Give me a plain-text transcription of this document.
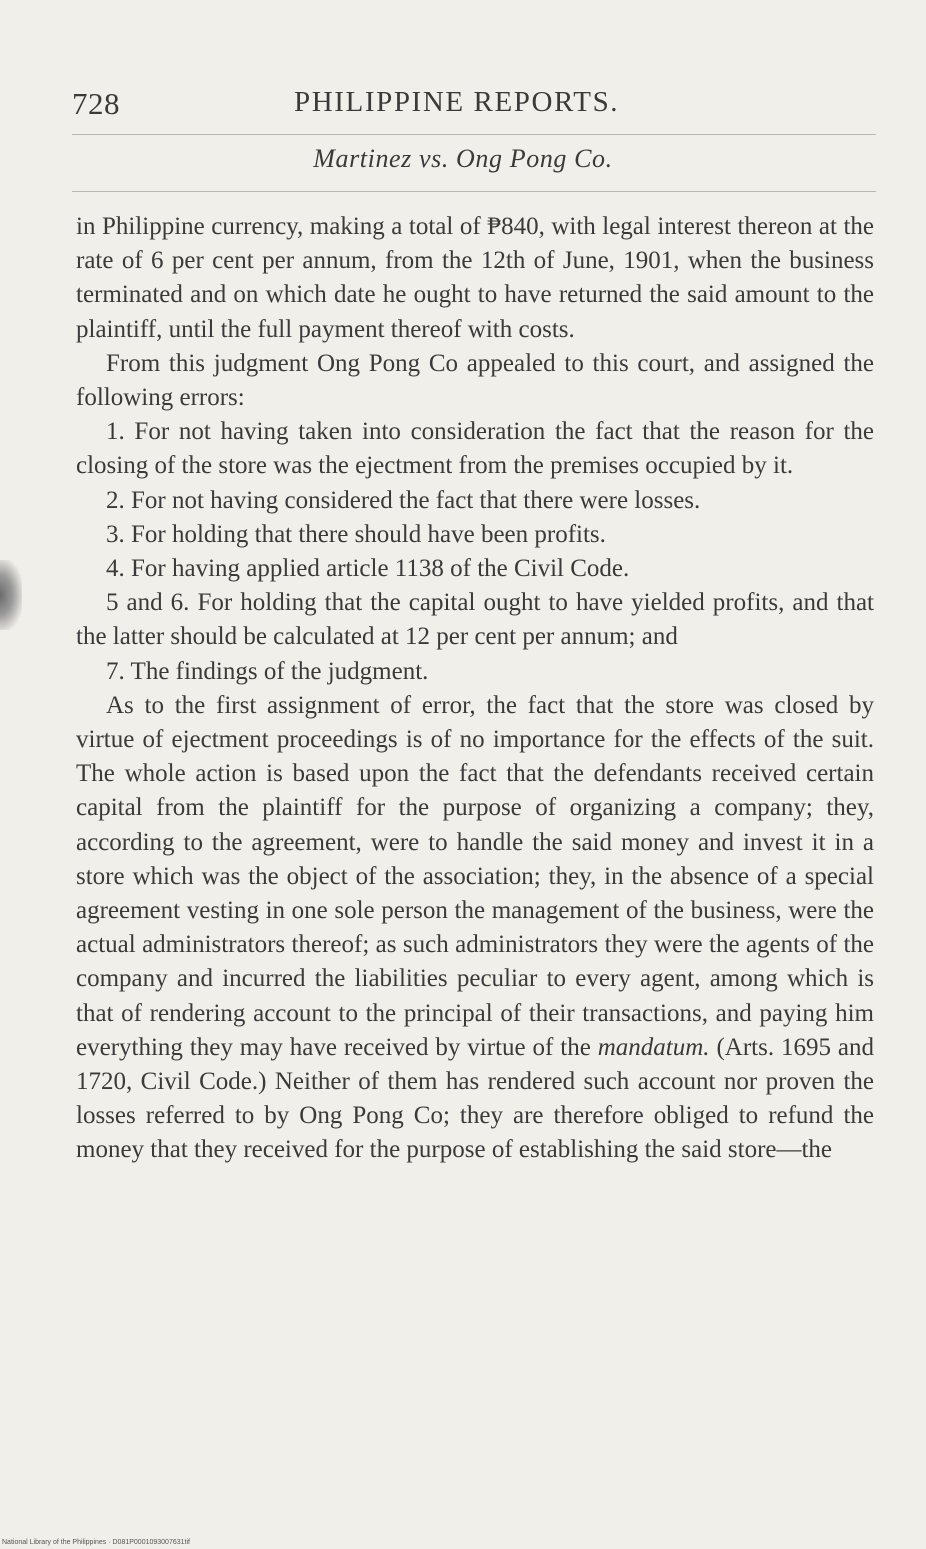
728	PHILIPPINE REPORTS.
Martinez vs. Ong Pong Co.

in Philippine currency, making a total of ₱840, with legal interest thereon at the rate of 6 per cent per annum, from the 12th of June, 1901, when the business terminated and on which date he ought to have returned the said amount to the plaintiff, until the full payment thereof with costs.

From this judgment Ong Pong Co appealed to this court, and assigned the following errors:

1. For not having taken into consideration the fact that the reason for the closing of the store was the ejectment from the premises occupied by it.

2. For not having considered the fact that there were losses.

3. For holding that there should have been profits.

4. For having applied article 1138 of the Civil Code.

5 and 6. For holding that the capital ought to have yielded profits, and that the latter should be calculated at 12 per cent per annum; and

7. The findings of the judgment.

As to the first assignment of error, the fact that the store was closed by virtue of ejectment proceedings is of no importance for the effects of the suit. The whole action is based upon the fact that the defendants received certain capital from the plaintiff for the purpose of organizing a company; they, according to the agreement, were to handle the said money and invest it in a store which was the object of the association; they, in the absence of a special agreement vesting in one sole person the management of the business, were the actual administrators thereof; as such administrators they were the agents of the company and incurred the liabilities peculiar to every agent, among which is that of rendering account to the principal of their transactions, and paying him everything they may have received by virtue of the mandatum. (Arts. 1695 and 1720, Civil Code.) Neither of them has rendered such account nor proven the losses referred to by Ong Pong Co; they are therefore obliged to refund the money that they received for the purpose of establishing the said store—the

National Library of the Philippines · D081P0001093007631tif
